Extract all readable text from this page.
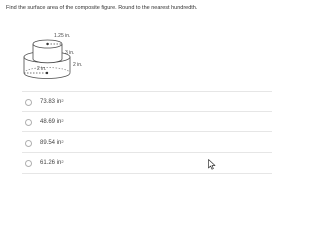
Find the surface area of the composite figure. Round to the nearest hundredth.
1.25 in.
3 in.
2 in.
2 in.
73.83 $in^2$
48.69 $in^2$
89.54 $in^2$
61.26 $in^2$
